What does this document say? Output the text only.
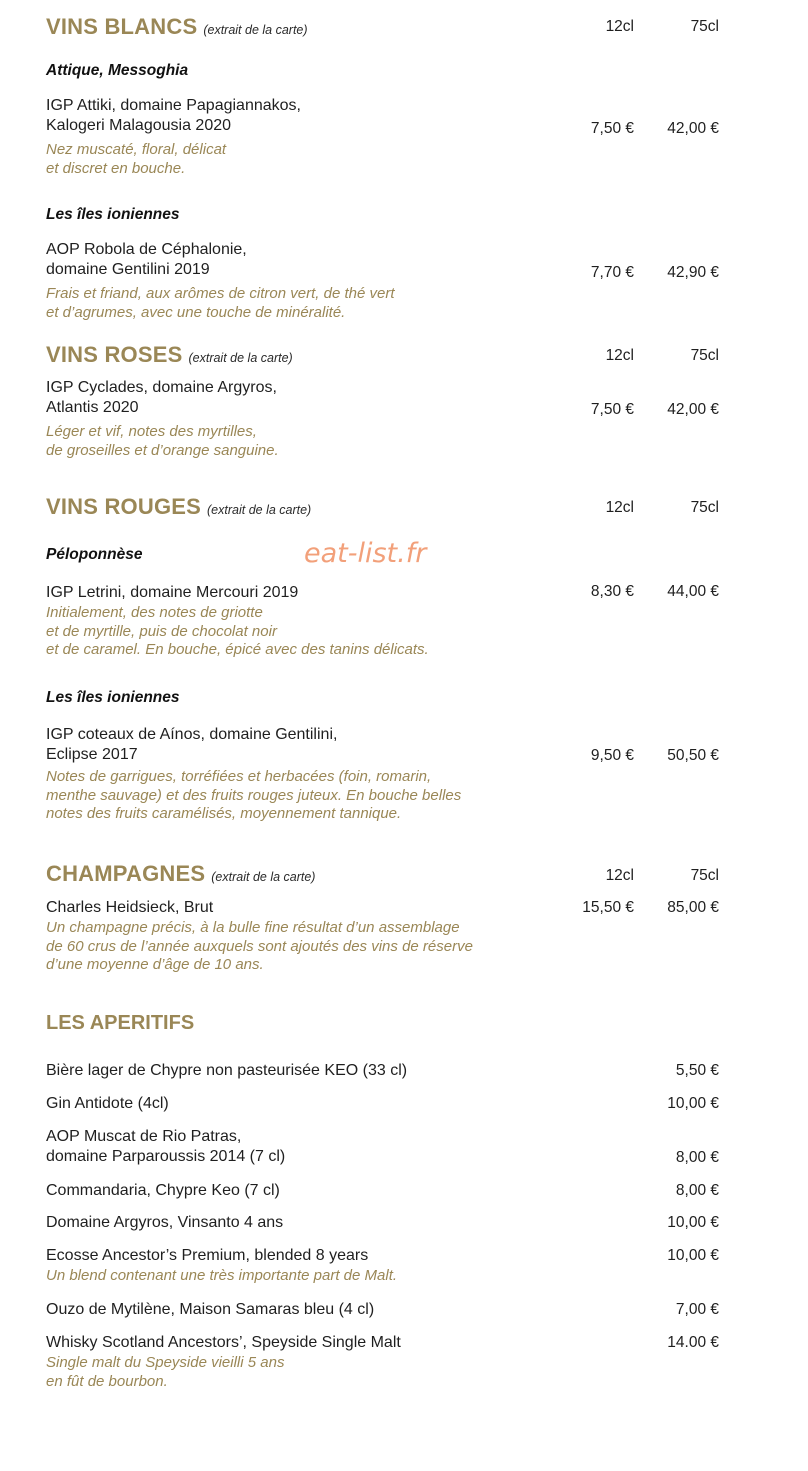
VINS BLANCS (extrait de la carte)	12cl	75cl
Attique, Messoghia
IGP Attiki, domaine Papagiannakos,
Kalogeri Malagousia 2020
Nez muscaté, floral, délicat
et discret en bouche.
7,50 € 42,00 €
Les îles ioniennes
AOP Robola de Céphalonie,
domaine Gentilini 2019
Frais et friand, aux arômes de citron vert, de thé vert
et d’agrumes, avec une touche de minéralité.
7,70 € 42,90 €
VINS ROSES (extrait de la carte)	12cl	75cl
IGP Cyclades, domaine Argyros,
Atlantis 2020
Léger et vif, notes des myrtilles,
de groseilles et d’orange sanguine.
7,50 € 42,00 €
VINS ROUGES (extrait de la carte)	12cl	75cl
Péloponnèse	eat-list.fr
IGP Letrini, domaine Mercouri 2019
Initialement, des notes de griotte
et de myrtille, puis de chocolat noir
et de caramel. En bouche, épicé avec des tanins délicats.
8,30 € 44,00 €
Les îles ioniennes
IGP coteaux de Aínos, domaine Gentilini,
Eclipse 2017
Notes de garrigues, torréfiées et herbacées (foin, romarin,
menthe sauvage) et des fruits rouges juteux. En bouche belles
notes des fruits caramélisés, moyennement tannique.
9,50 € 50,50 €
CHAMPAGNES (extrait de la carte)	12cl	75cl
Charles Heidsieck, Brut
Un champagne précis, à la bulle fine résultat d’un assemblage
de 60 crus de l’année auxquels sont ajoutés des vins de réserve
d’une moyenne d’âge de 10 ans.
15,50 € 85,00 €
LES APERITIFS
Bière lager de Chypre non pasteurisée KEO (33 cl)	5,50 €
Gin Antidote (4cl)	10,00 €
AOP Muscat de Rio Patras,
domaine Parparoussis 2014 (7 cl)	8,00 €
Commandaria, Chypre Keo (7 cl)	8,00 €
Domaine Argyros, Vinsanto 4 ans	10,00 €
Ecosse Ancestor’s Premium, blended 8 years
Un blend contenant une très importante part de Malt.
10,00 €
Ouzo de Mytilène, Maison Samaras bleu (4 cl)	7,00 €
Whisky Scotland Ancestors’, Speyside Single Malt
Single malt du Speyside vieilli 5 ans
en fût de bourbon.
14.00 €
